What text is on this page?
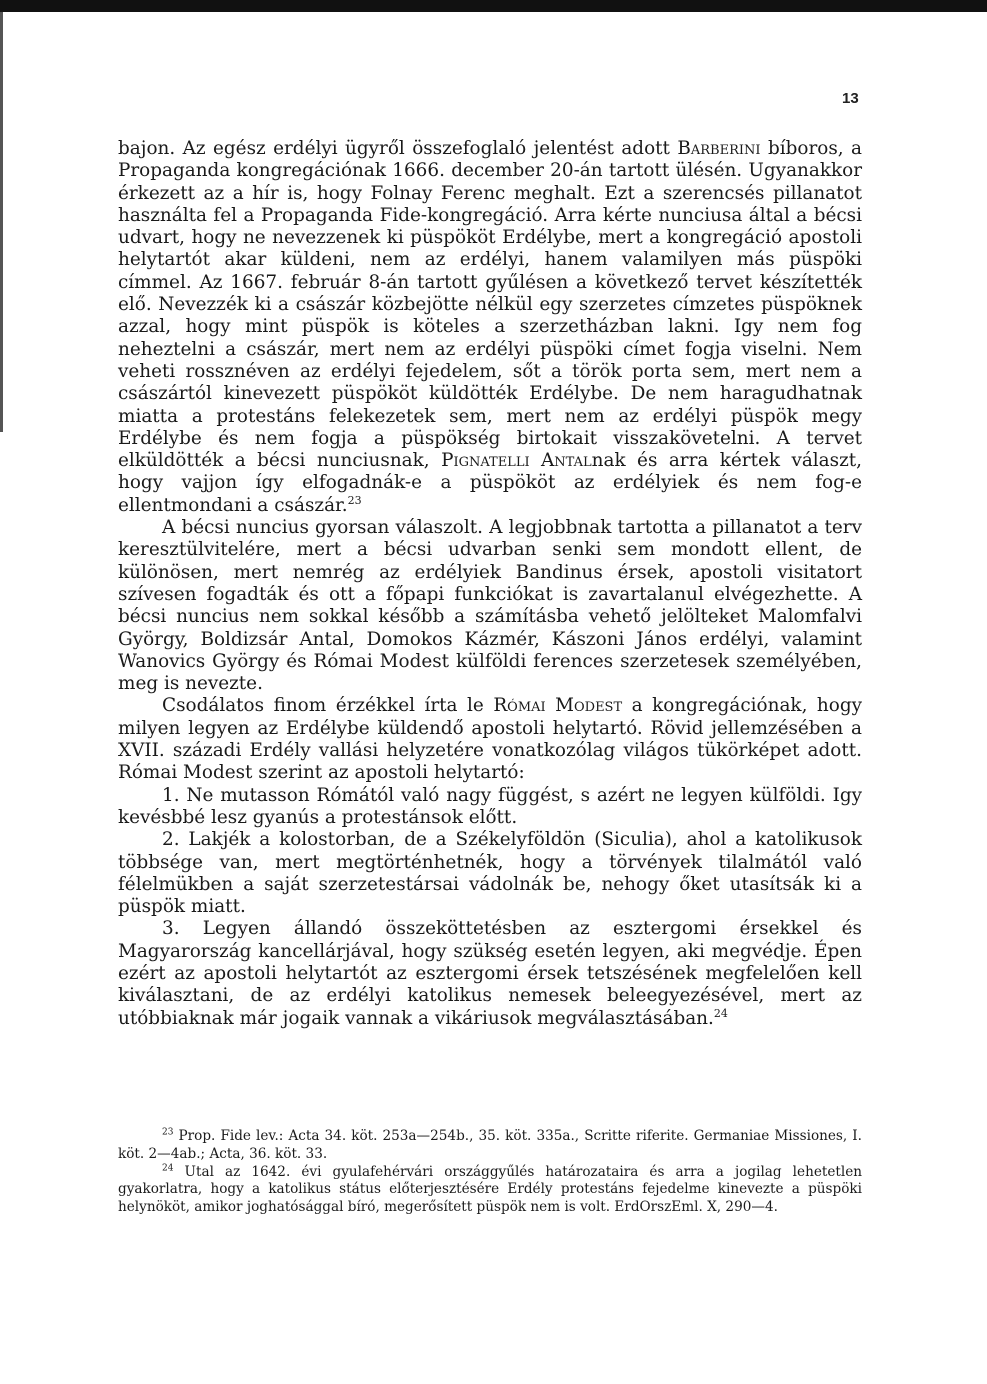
13

bajon. Az egész erdélyi ügyről összefoglaló jelentést adott Barberini bíboros, a Propaganda kongregációnak 1666. december 20-án tartott ülésén. Ugyanakkor érkezett az a hír is, hogy Folnay Ferenc meghalt. Ezt a szerencsés pillanatot használta fel a Propaganda Fide-kongregáció. Arra kérte nunciusa által a bécsi udvart, hogy ne nevezzenek ki püspököt Erdélybe, mert a kongregáció apostoli helytartót akar küldeni, nem az erdélyi, hanem valamilyen más püspöki címmel. Az 1667. február 8-án tartott gyűlésen a következő tervet készítették elő. Nevezzék ki a császár közbejötte nélkül egy szerzetes címzetes püspöknek azzal, hogy mint püspök is köteles a szerzetházban lakni. Igy nem fog neheztelni a császár, mert nem az erdélyi püspöki címet fogja viselni. Nem veheti rossznéven az erdélyi fejedelem, sőt a török porta sem, mert nem a császártól kinevezett püspököt küldötték Erdélybe. De nem haragudhatnak miatta a protestáns felekezetek sem, mert nem az erdélyi püspök megy Erdélybe és nem fogja a püspökség birtokait visszakövetelni. A tervet elküldötték a bécsi nunciusnak, Pignatelli Antalnak és arra kértek választ, hogy vajjon így elfogadnák-e a püspököt az erdélyiek és nem fog-e ellentmondani a császár.$^{23}$

A bécsi nuncius gyorsan válaszolt. A legjobbnak tartotta a pillanatot a terv keresztülvitelére, mert a bécsi udvarban senki sem mondott ellent, de különösen, mert nemrég az erdélyiek Bandinus érsek, apostoli visitatort szívesen fogadták és ott a főpapi funkciókat is zavartalanul elvégezhette. A bécsi nuncius nem sokkal később a számításba vehető jelölteket Malomfalvi György, Boldizsár Antal, Domokos Kázmér, Kászoni János erdélyi, valamint Wanovics György és Római Modest külföldi ferences szerzetesek személyében, meg is nevezte.

Csodálatos finom érzékkel írta le Római Modest a kongregációnak, hogy milyen legyen az Erdélybe küldendő apostoli helytartó. Rövid jellemzésében a XVII. századi Erdély vallási helyzetére vonatkozólag világos tükörképet adott. Római Modest szerint az apostoli helytartó:

1. Ne mutasson Rómától való nagy függést, s azért ne legyen külföldi. Igy kevésbbé lesz gyanús a protestánsok előtt.

2. Lakjék a kolostorban, de a Székelyföldön (Siculia), ahol a katolikusok többsége van, mert megtörténhetnék, hogy a törvények tilalmától való félelmükben a saját szerzetestársai vádolnák be, nehogy őket utasítsák ki a püspök miatt.

3. Legyen állandó összeköttetésben az esztergomi érsekkel és Magyarország kancellárjával, hogy szükség esetén legyen, aki megvédje. Épen ezért az apostoli helytartót az esztergomi érsek tetszésének megfelelően kell kiválasztani, de az erdélyi katolikus nemesek beleegyezésével, mert az utóbbiaknak már jogaik vannak a vikáriusok megválasztásában.$^{24}$

$^{23}$ Prop. Fide lev.: Acta 34. köt. 253a—254b., 35. köt. 335a., Scritte riferite. Germaniae Missiones, I. köt. 2—4ab.; Acta, 36. köt. 33.

$^{24}$ Utal az 1642. évi gyulafehérvári országgyűlés határozataira és arra a jogilag lehetetlen gyakorlatra, hogy a katolikus státus előterjesztésére Erdély protestáns fejedelme kinevezte a püspöki helynököt, amikor joghatósággal bíró, megerősített püspök nem is volt. ErdOrszEml. X, 290—4.
